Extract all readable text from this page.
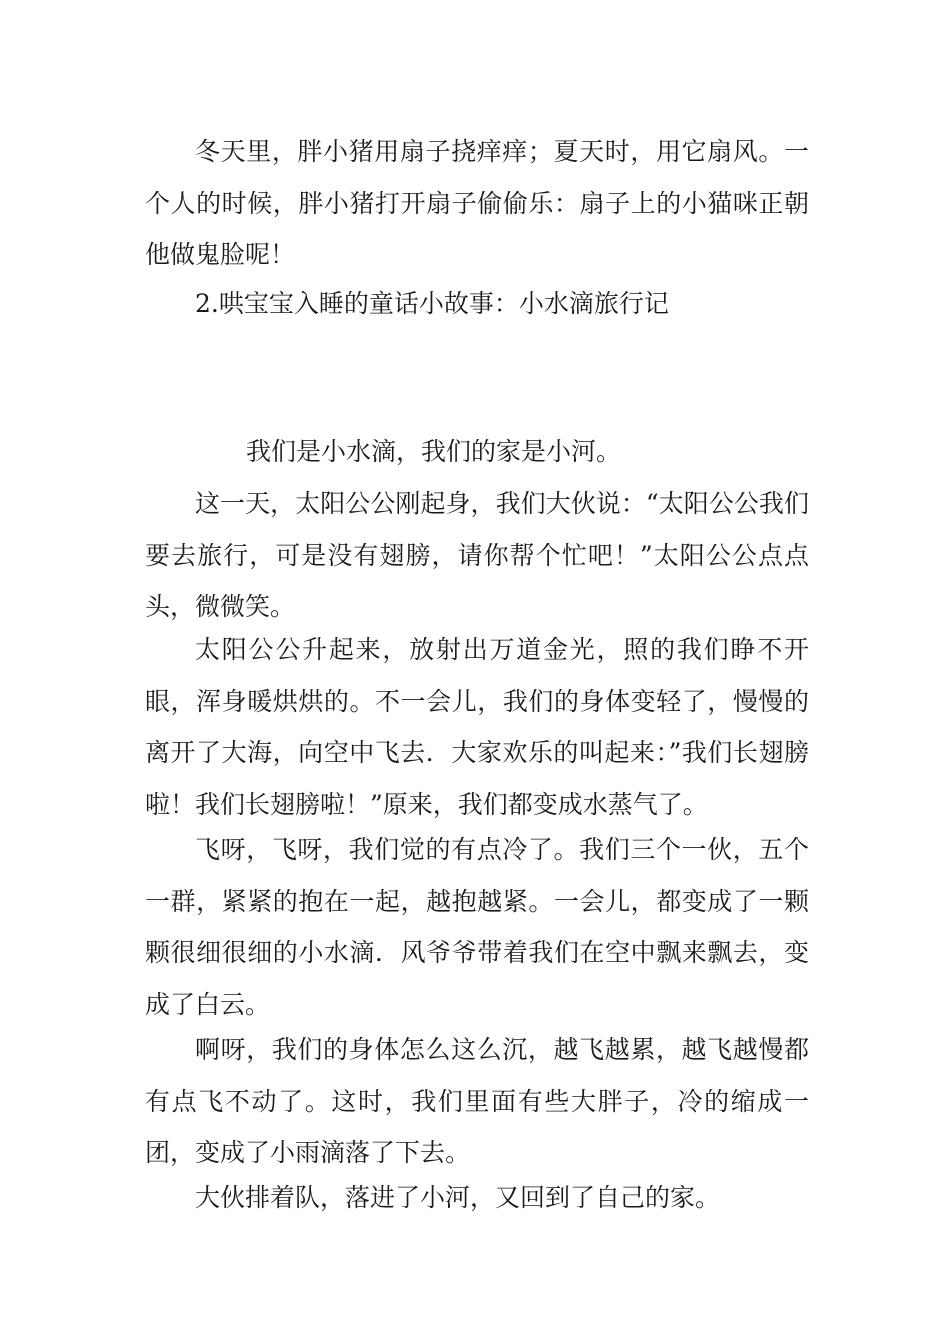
冬天里，胖小猪用扇子挠痒痒；夏天时，用它扇风。一个人的时候，胖小猪打开扇子偷偷乐：扇子上的小猫咪正朝他做鬼脸呢！

2.哄宝宝入睡的童话小故事：小水滴旅行记

我们是小水滴，我们的家是小河。

这一天，太阳公公刚起身，我们大伙说：“太阳公公我们要去旅行，可是没有翅膀，请你帮个忙吧！”太阳公公点点头，微微笑。

太阳公公升起来，放射出万道金光，照的我们睁不开眼，浑身暖烘烘的。不一会儿，我们的身体变轻了，慢慢的离开了大海，向空中飞去．大家欢乐的叫起来：”我们长翅膀啦！我们长翅膀啦！”原来，我们都变成水蒸气了。

飞呀，飞呀，我们觉的有点冷了。我们三个一伙，五个一群，紧紧的抱在一起，越抱越紧。一会儿，都变成了一颗颗很细很细的小水滴．风爷爷带着我们在空中飘来飘去，变成了白云。

啊呀，我们的身体怎么这么沉，越飞越累，越飞越慢都有点飞不动了。这时，我们里面有些大胖子，冷的缩成一团，变成了小雨滴落了下去。

大伙排着队，落进了小河，又回到了自己的家。
